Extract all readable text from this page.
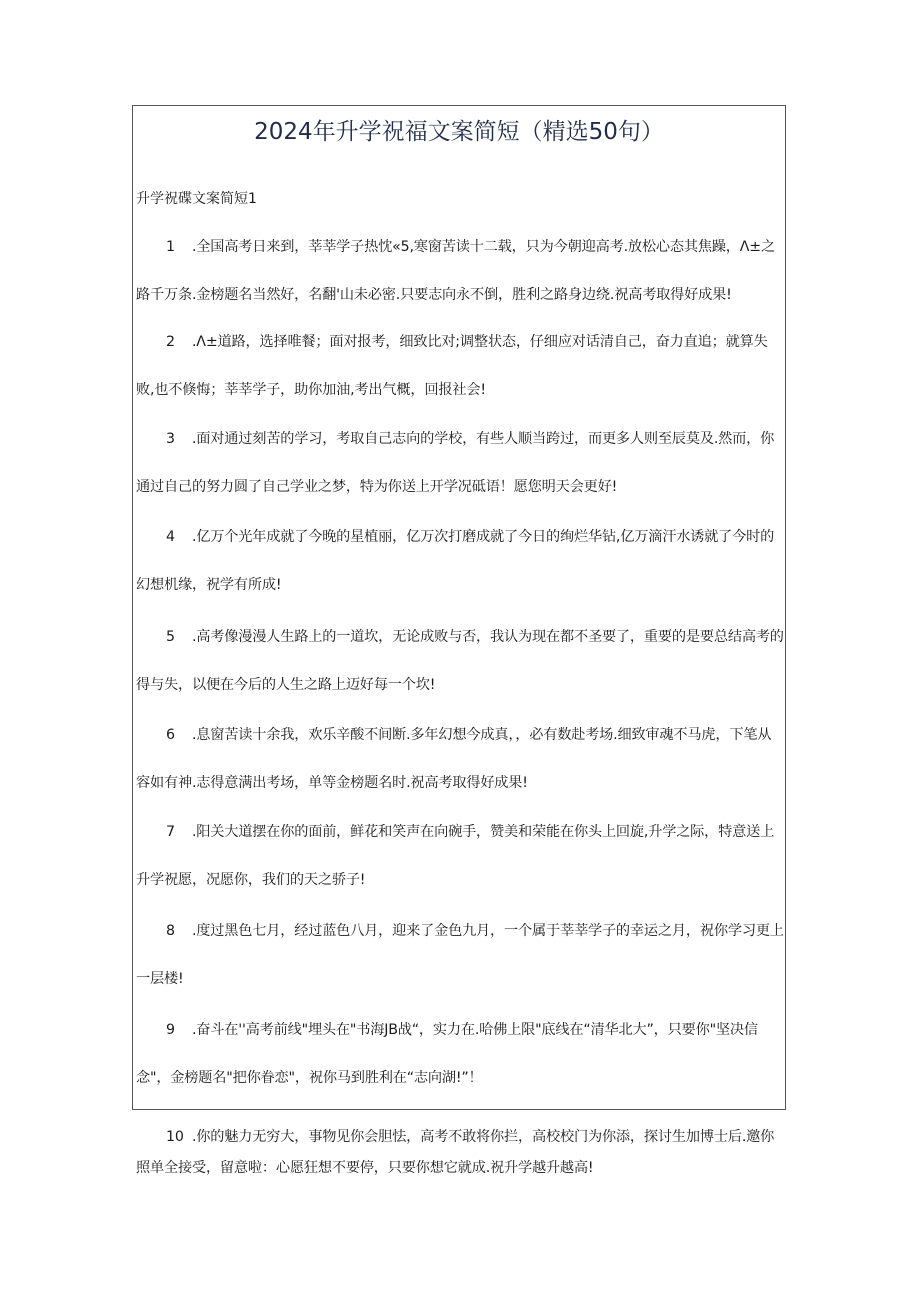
2024年升学祝福文案简短（精选50句）
升学祝碟文案简短1

1 .全国高考日来到，莘莘学子热忱«5,寒窗苦读十二载，只为今朝迎高考.放松心态其焦躁，Λ±之路千万条.金榜题名当然好，名翻'山未必密.只要志向永不倒，胜利之路身边绕.祝高考取得好成果!

2 .Λ±道路，选择唯餐；面对报考，细致比对;调整状态，仔细应对话清自己，奋力直追；就算失败,也不倏悔；莘莘学子，助你加油,考出气概，回报社会!

3 .面对通过刻苦的学习，考取自己志向的学校，有些人顺当跨过，而更多人则至辰莫及.然而，你通过自己的努力圆了自己学业之梦，特为你送上开学况砥语！愿您明天会更好!

4 .亿万个光年成就了今晚的星植丽，亿万次打磨成就了今日的绚烂华钻,亿万滴汗水诱就了今时的幻想机缘，祝学有所成!

5 .高考像漫漫人生路上的一道坎，无论成败与否，我认为现在都不圣要了，重要的是要总结高考的得与失，以便在今后的人生之路上迈好每一个坎!

6 .息窗苦读十余我，欢乐辛酸不间断.多年幻想今成真，，必有数赴考场.细致审魂不马虎，下笔从容如有神.志得意满出考场，单等金榜题名时.祝高考取得好成果!

7 .阳关大道摆在你的面前，鲜花和笑声在向碗手，赞美和荣能在你头上回旋,升学之际，特意送上升学祝愿，况愿你，我们的天之骄子!

8 .度过黑色七月，经过蓝色八月，迎来了金色九月，一个属于莘莘学子的幸运之月，祝你学习更上一层楼!

9 .奋斗在''高考前线"埋头在"书海JB战“，实力在.哈佛上限"底线在“清华北大”，只要你"坚决信念"，金榜题名"把你眷恋"，祝你马到胜利在“志向湖!”！

10 .你的魅力无穷大，事物见你会胆怯，高考不敢将你拦，高校校门为你添，探讨生加博士后.邀你照单全接受，留意啦：心愿狂想不要停，只要你想它就成.祝升学越升越高!
